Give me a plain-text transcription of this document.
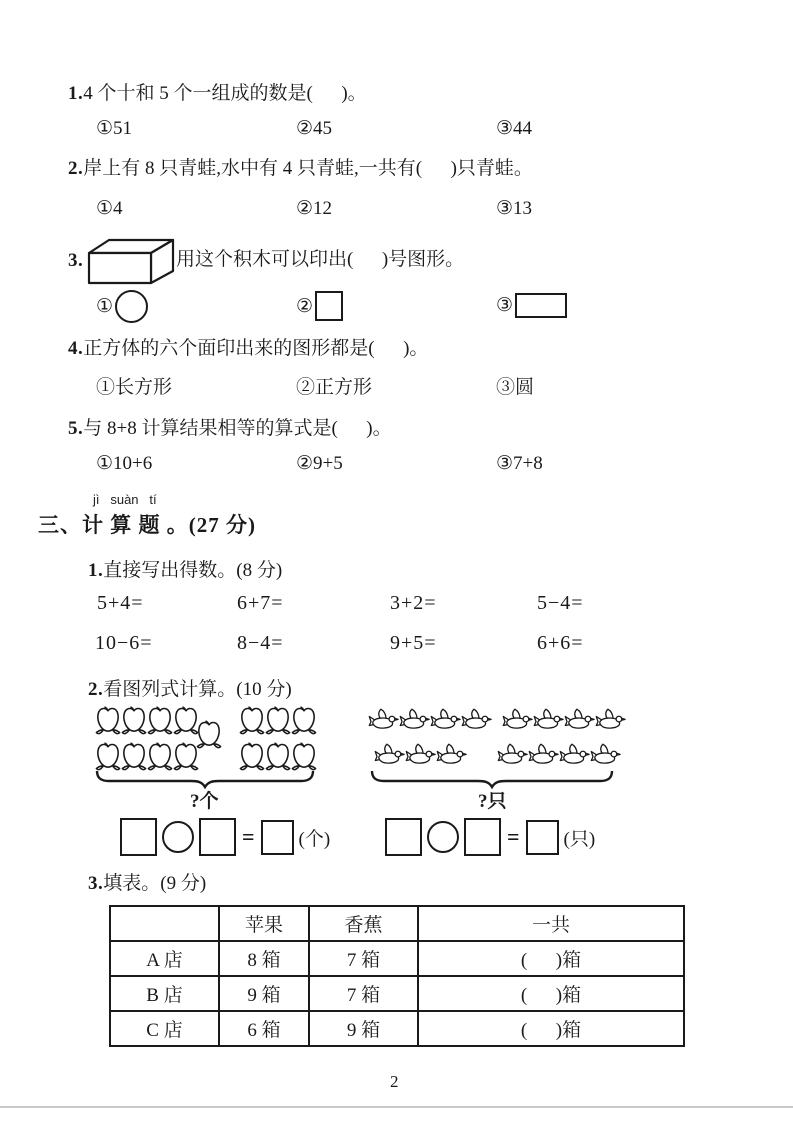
1.4 个十和 5 个一组成的数是(      )。
①51	②45	③44
2.岸上有 8 只青蛙,水中有 4 只青蛙,一共有(      )只青蛙。
①4	②12	③13
3.	用这个积木可以印出(      )号图形。
①	②	③
4.正方体的六个面印出来的图形都是(      )。
①长方形	②正方形	③圆
5.与 8+8 计算结果相等的算式是(      )。
①10+6	②9+5	③7+8
jì   suàn   tí
三、计 算 题 。(27 分)
1.直接写出得数。(8 分)
5+4=	6+7=	3+2=	5−4=
10−6=	8−4=	9+5=	6+6=
2.看图列式计算。(10 分)
?个	?只
= (个)	= (只)
3.填表。(9 分)
	苹果	香蕉	一共
A 店	8 箱	7 箱	(      )箱
B 店	9 箱	7 箱	(      )箱
C 店	6 箱	9 箱	(      )箱
2
